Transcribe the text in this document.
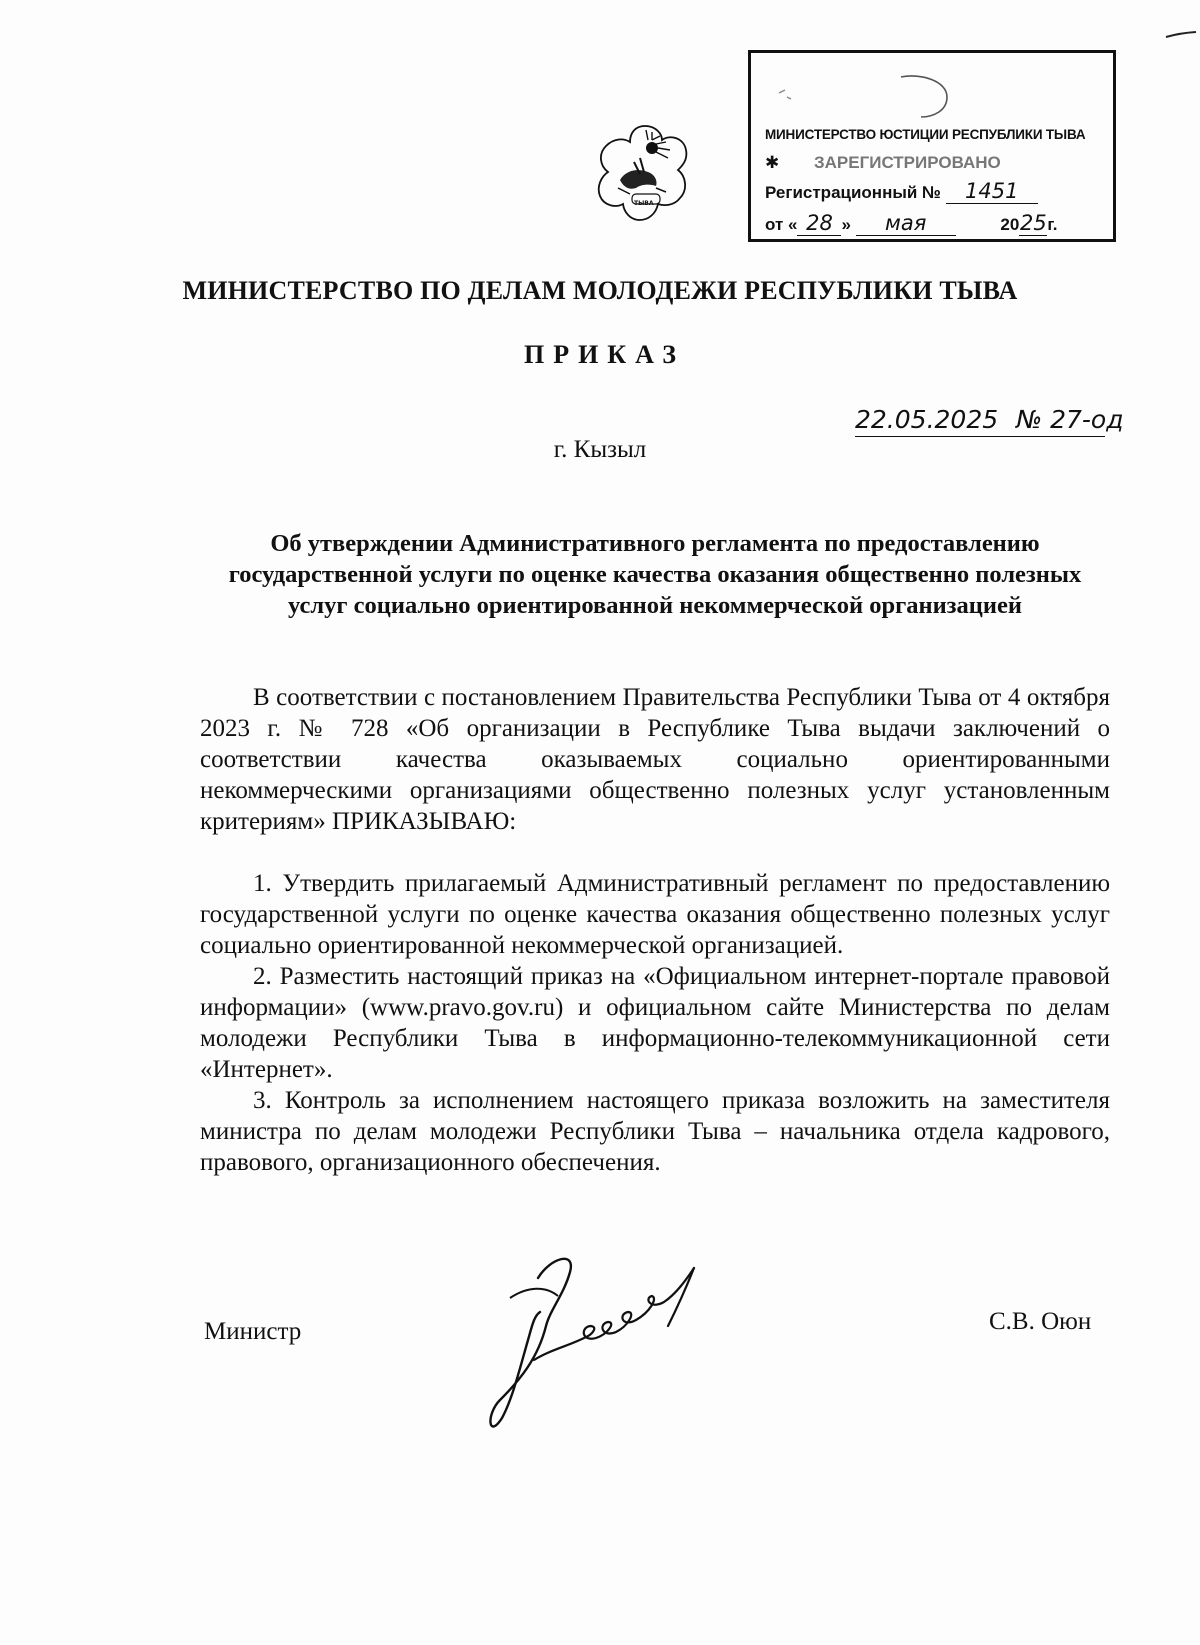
ТЫВА
МИНИСТЕРСТВО ЮСТИЦИИ РЕСПУБЛИКИ ТЫВА
✱ ЗАРЕГИСТРИРОВАНО
Регистрационный № 1451
от « 28 » мая	2025г.
МИНИСТЕРСТВО ПО ДЕЛАМ МОЛОДЕЖИ РЕСПУБЛИКИ ТЫВА
ПРИКАЗ
22.05.2025 № 27-од
г. Кызыл
Об утверждении Административного регламента по предоставлению государственной услуги по оценке качества оказания общественно полезных услуг социально ориентированной некоммерческой организацией

В соответствии с постановлением Правительства Республики Тыва от 4 октября 2023 г. № 728 «Об организации в Республике Тыва выдачи заключений о соответствии качества оказываемых социально ориентированными некоммерческими организациями общественно полезных услуг установленным критериям» ПРИКАЗЫВАЮ:

1. Утвердить прилагаемый Административный регламент по предоставлению государственной услуги по оценке качества оказания общественно полезных услуг социально ориентированной некоммерческой организацией.

2. Разместить настоящий приказ на «Официальном интернет-портале правовой информации» (www.pravo.gov.ru) и официальном сайте Министерства по делам молодежи Республики Тыва в информационно-телекоммуникационной сети «Интернет».

3. Контроль за исполнением настоящего приказа возложить на заместителя министра по делам молодежи Республики Тыва – начальника отдела кадрового, правового, организационного обеспечения.

Министр	С.В. Оюн
